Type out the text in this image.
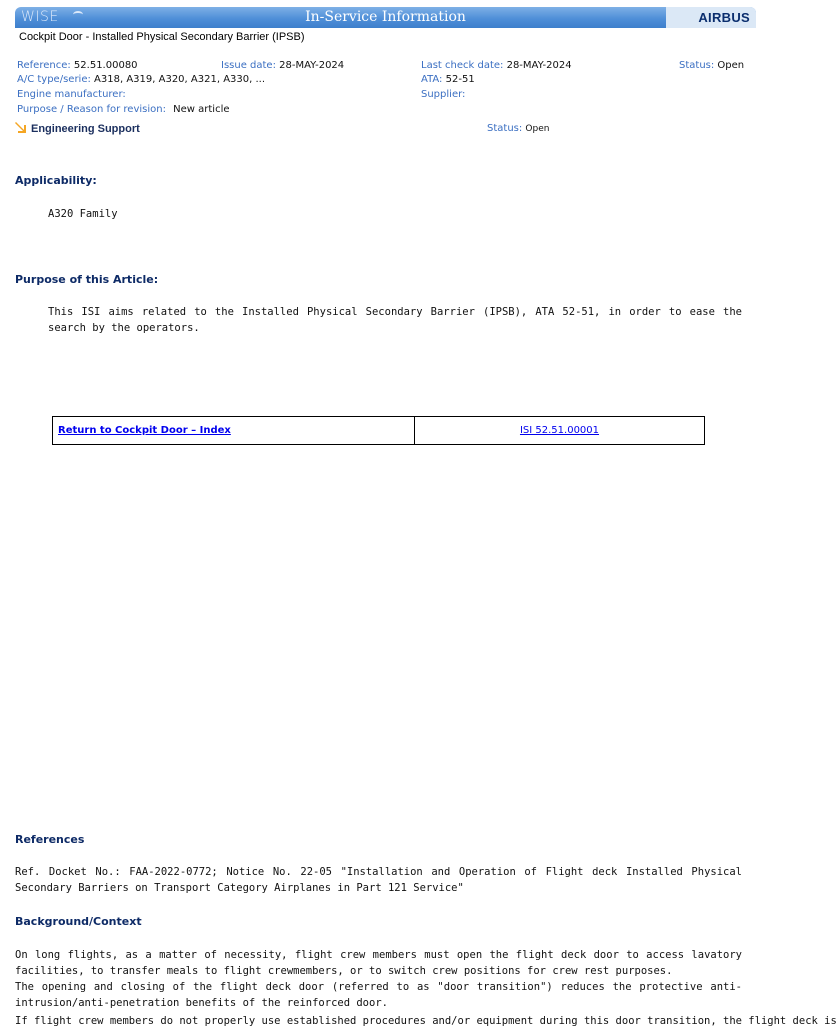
WISE	In-Service Information	AIRBUS
Cockpit Door - Installed Physical Secondary Barrier (IPSB)
Reference: 52.51.00080	Issue date: 28-MAY-2024	Last check date: 28-MAY-2024	Status: Open
A/C type/serie: A318, A319, A320, A321, A330, ...	ATA: 52-51
Engine manufacturer:	Supplier:
Purpose / Reason for revision: New article
Engineering Support	Status: Open
Applicability:
A320 Family
Purpose of this Article:
This ISI aims related to the Installed Physical Secondary Barrier (IPSB), ATA 52-51, in order to ease the search by the operators.
Return to Cockpit Door – Index	ISI 52.51.00001
References
Ref. Docket No.: FAA-2022-0772; Notice No. 22-05 "Installation and Operation of Flight deck Installed Physical Secondary Barriers on Transport Category Airplanes in Part 121 Service"
Background/Context
On long flights, as a matter of necessity, flight crew members must open the flight deck door to access lavatory facilities, to transfer meals to flight crewmembers, or to switch crew positions for crew rest purposes.
The opening and closing of the flight deck door (referred to as "door transition") reduces the protective anti-intrusion/anti-penetration benefits of the reinforced door.
If flight crew members do not properly use established procedures and/or equipment during this door transition, the flight deck is
